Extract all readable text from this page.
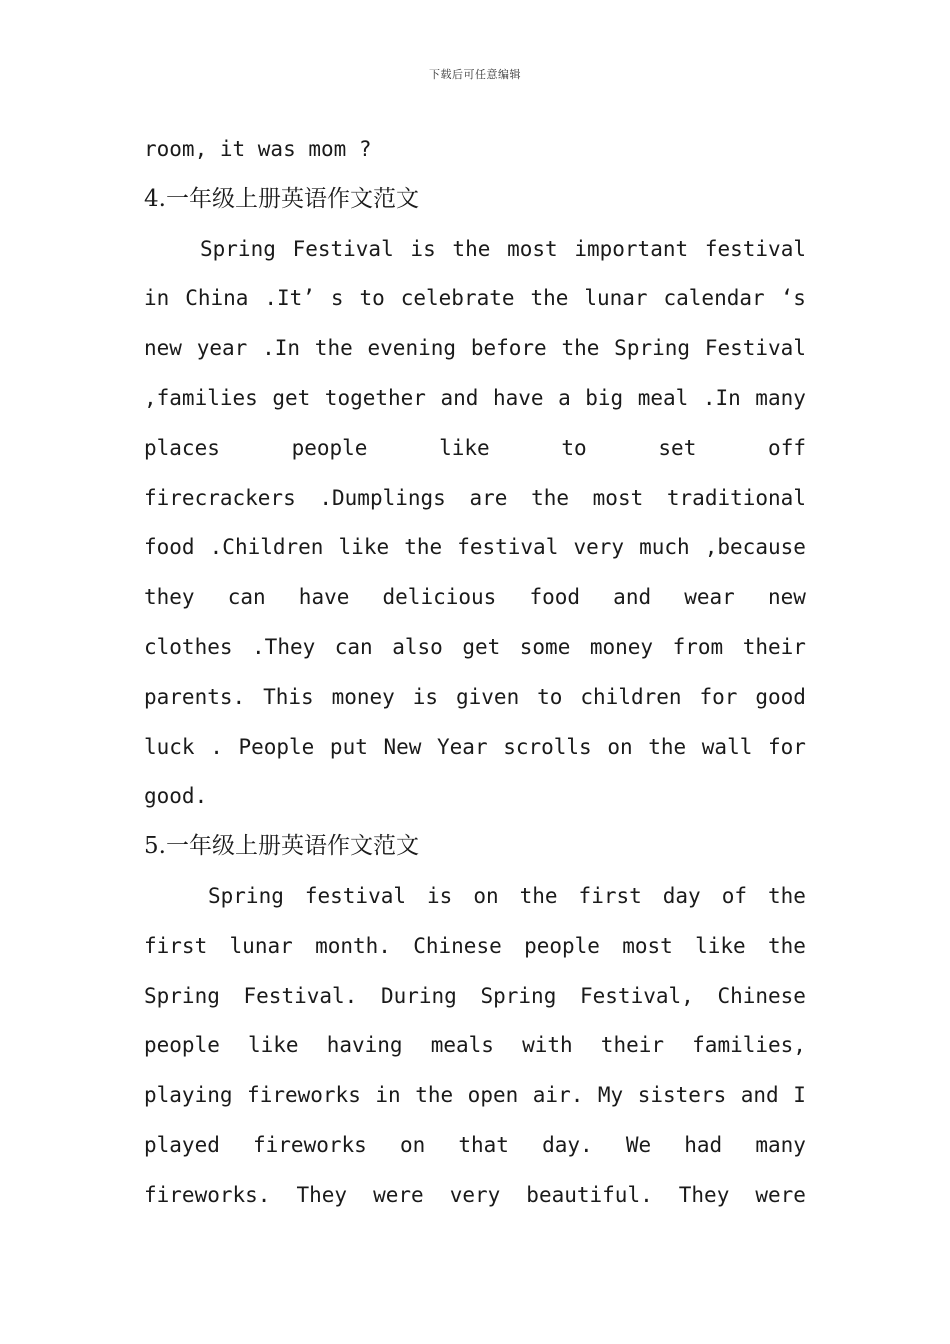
下载后可任意编辑
room, it was mom ?
4.一年级上册英语作文范文
Spring Festival is the most important festival
in China .It’ s to celebrate the lunar calendar ‘s
new year .In the evening before the Spring Festival
,families get together and have a big meal .In many
places	people	like	to	set	off
firecrackers .Dumplings are the most traditional
food .Children like the festival very much ,because
they can have delicious food and wear new
clothes .They can also get some money from their
parents. This money is given to children for good
luck . People put New Year scrolls on the wall for
good.
5.一年级上册英语作文范文
Spring festival is on the first day of the
first lunar month. Chinese people most like the
Spring Festival. During Spring Festival, Chinese
people like having meals with their families,
playing fireworks in the open air. My sisters and I
played fireworks on that day. We had many
fireworks. They were very beautiful. They were
